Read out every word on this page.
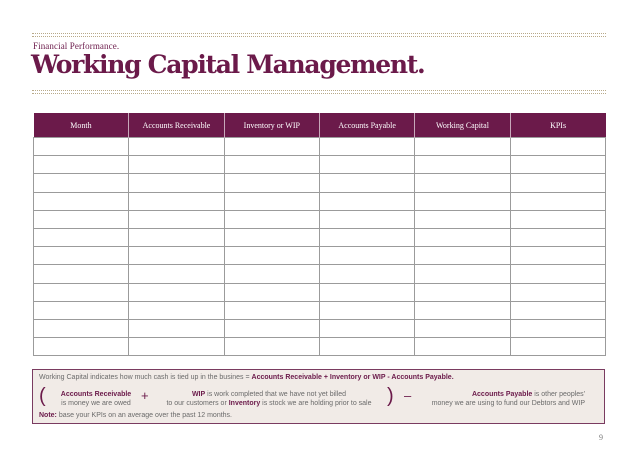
Financial Performance.
Working Capital Management.
Month	Accounts Receivable	Inventory or WIP	Accounts Payable	Working Capital	KPIs

Working Capital indicates how much cash is tied up in the busines = Accounts Receivable + Inventory or WIP - Accounts Payable.
(	Accounts Receivable
is money we are owed
+	WIP is work completed that we have not yet billed
to our customers or Inventory is stock we are holding prior to sale ) –	Accounts Payable is other peoples'
money we are using to fund our Debtors and WIP
Note: base your KPIs on an average over the past 12 months.
9
